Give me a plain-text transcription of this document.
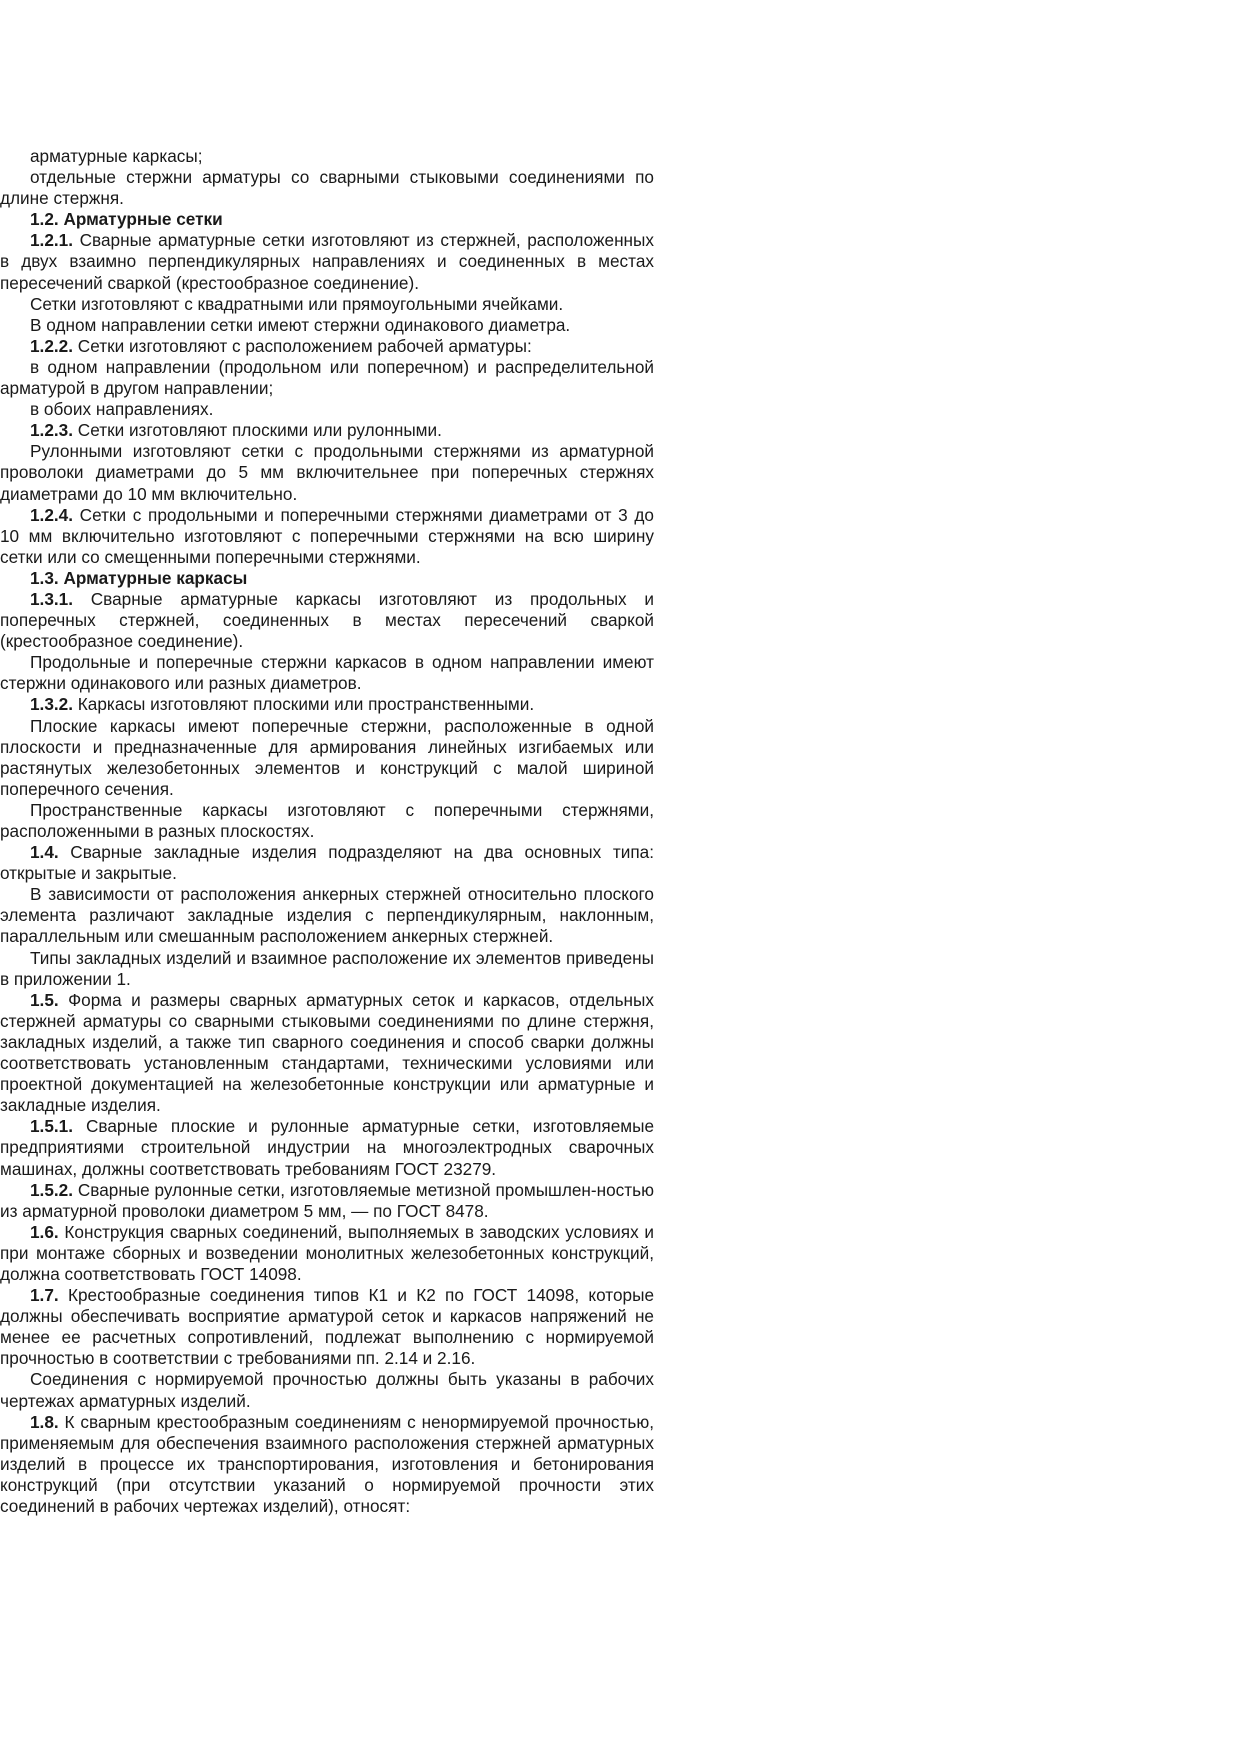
арматурные каркасы;

отдельные стержни арматуры со сварными стыковыми соединениями по длине стержня.

1.2. Арматурные сетки

1.2.1. Сварные арматурные сетки изготовляют из стержней, расположенных в двух взаимно перпендикулярных направлениях и соединенных в местах пересечений сваркой (крестообразное соединение).

Сетки изготовляют с квадратными или прямоугольными ячейками.

В одном направлении сетки имеют стержни одинакового диаметра.

1.2.2. Сетки изготовляют с расположением рабочей арматуры:

в одном направлении (продольном или поперечном) и распределительной арматурой в другом направлении;

в обоих направлениях.

1.2.3. Сетки изготовляют плоскими или рулонными.

Рулонными изготовляют сетки с продольными стержнями из арматурной проволоки диаметрами до 5 мм включительнее при поперечных стержнях диаметрами до 10 мм включительно.

1.2.4. Сетки с продольными и поперечными стержнями диаметрами от 3 до 10 мм включительно изготовляют с поперечными стержнями на всю ширину сетки или со смещенными поперечными стержнями.

1.3. Арматурные каркасы

1.3.1. Сварные арматурные каркасы изготовляют из продольных и поперечных стержней, соединенных в местах пересечений сваркой (крестообразное соединение).

Продольные и поперечные стержни каркасов в одном направлении имеют стержни одинакового или разных диаметров.

1.3.2. Каркасы изготовляют плоскими или пространственными.

Плоские каркасы имеют поперечные стержни, расположенные в одной плоскости и предназначенные для армирования линейных изгибаемых или растянутых железобетонных элементов и конструкций с малой шириной поперечного сечения.

Пространственные каркасы изготовляют с поперечными стержнями, расположенными в разных плоскостях.

1.4. Сварные закладные изделия подразделяют на два основных типа: открытые и закрытые.

В зависимости от расположения анкерных стержней относительно плоского элемента различают закладные изделия с перпендикулярным, наклонным, параллельным или смешанным расположением анкерных стержней.

Типы закладных изделий и взаимное расположение их элементов приведены в приложении 1.

1.5. Форма и размеры сварных арматурных сеток и каркасов, отдельных стержней арматуры со сварными стыковыми соединениями по длине стержня, закладных изделий, а также тип сварного соединения и способ сварки должны соответствовать установленным стандартами, техническими условиями или проектной документацией на железобетонные конструкции или арматурные и закладные изделия.

1.5.1. Сварные плоские и рулонные арматурные сетки, изготовляемые предприятиями строительной индустрии на многоэлектродных сварочных машинах, должны соответствовать требованиям ГОСТ 23279.

1.5.2. Сварные рулонные сетки, изготовляемые метизной промышлен-ностью из арматурной проволоки диаметром 5 мм, — по ГОСТ 8478.

1.6. Конструкция сварных соединений, выполняемых в заводских условиях и при монтаже сборных и возведении монолитных железобетонных конструкций, должна соответствовать ГОСТ 14098.

1.7. Крестообразные соединения типов К1 и К2 по ГОСТ 14098, которые должны обеспечивать восприятие арматурой сеток и каркасов напряжений не менее ее расчетных сопротивлений, подлежат выполнению с нормируемой прочностью в соответствии с требованиями пп. 2.14 и 2.16.

Соединения с нормируемой прочностью должны быть указаны в рабочих чертежах арматурных изделий.

1.8. К сварным крестообразным соединениям с ненормируемой прочностью, применяемым для обеспечения взаимного расположения стержней арматурных изделий в процессе их транспортирования, изготовления и бетонирования конструкций (при отсутствии указаний о нормируемой прочности этих соединений в рабочих чертежах изделий), относят:
